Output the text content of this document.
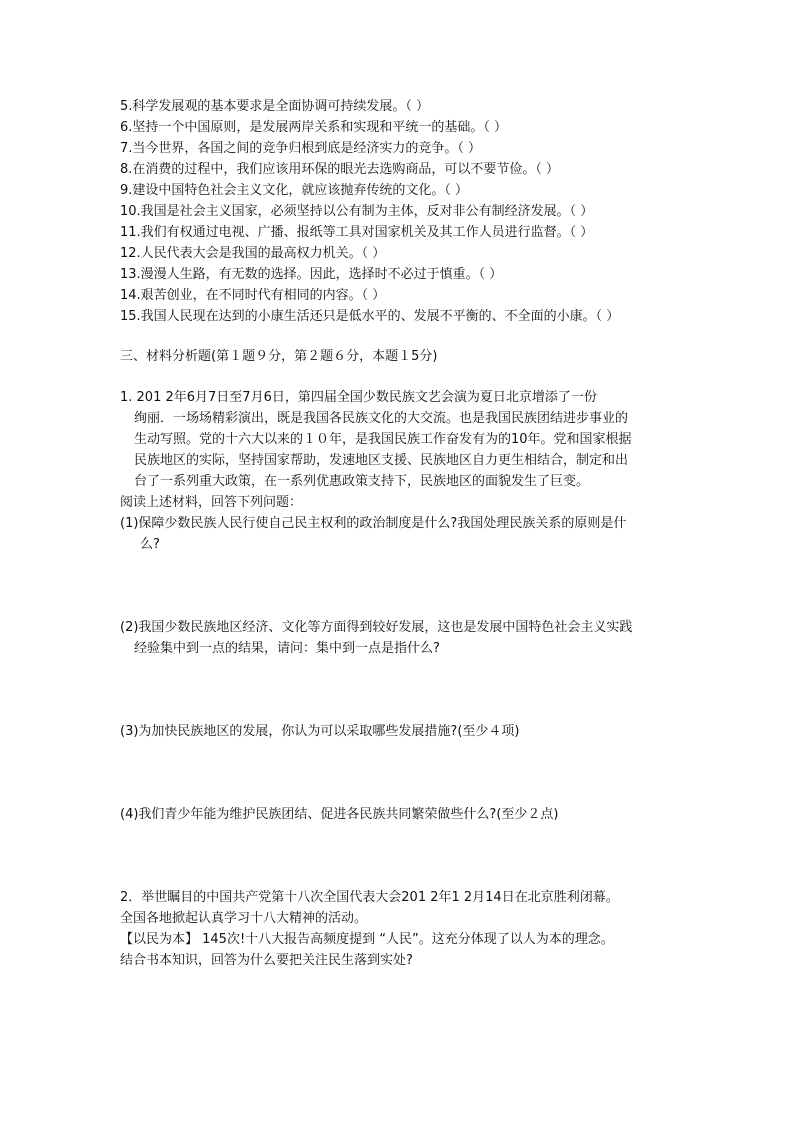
5.科学发展观的基本要求是全面协调可持续发展。（ ）
6.坚持一个中国原则，是发展两岸关系和实现和平统一的基础。（ ）
7.当今世界，各国之间的竞争归根到底是经济实力的竞争。（ ）
8.在消费的过程中，我们应该用环保的眼光去选购商品，可以不要节俭。（ ）
9.建设中国特色社会主义文化，就应该抛弃传统的文化。（ ）
10.我国是社会主义国家，必须坚持以公有制为主体，反对非公有制经济发展。（ ）
11.我们有权通过电视、广播、报纸等工具对国家机关及其工作人员进行监督。（ ）
12.人民代表大会是我国的最高权力机关。（ ）
13.漫漫人生路，有无数的选择。因此，选择时不必过于慎重。（ ）
14.艰苦创业，在不同时代有相同的内容。（ ）
15.我国人民现在达到的小康生活还只是低水平的、发展不平衡的、不全面的小康。（ ）
三、材料分析题(第１题９分，第２题６分，本题１5分)
1. 201 2年6月7日至7月6日，第四届全国少数民族文艺会演为夏日北京增添了一份
绚丽．一场场精彩演出，既是我国各民族文化的大交流。也是我国民族团结进步事业的
生动写照。党的十六大以来的１０年，是我国民族工作奋发有为的10年。党和国家根据
民族地区的实际，坚持国家帮助，发速地区支援、民族地区自力更生相结合，制定和出
台了一系列重大政策，在一系列优惠政策支持下，民族地区的面貌发生了巨变。
阅读上述材料，回答下列问题：
(1)保障少数民族人民行使自己民主权利的政治制度是什么?我国处理民族关系的原则是什
么?
(2)我国少数民族地区经济、文化等方面得到较好发展，这也是发展中国特色社会主义实践
经验集中到一点的结果，请问：集中到一点是指什么?
(3)为加快民族地区的发展，你认为可以采取哪些发展措施?(至少４项)
(4)我们青少年能为维护民族团结、促进各民族共同繁荣做些什么?(至少２点)
2．举世瞩目的中国共产党第十八次全国代表大会201 2年1 2月14日在北京胜利闭幕。
全国各地掀起认真学习十八大精神的活动。
【以民为本】 145次!十八大报告高频度提到 “人民”。这充分体现了以人为本的理念。
结合书本知识，回答为什么要把关注民生落到实处?
